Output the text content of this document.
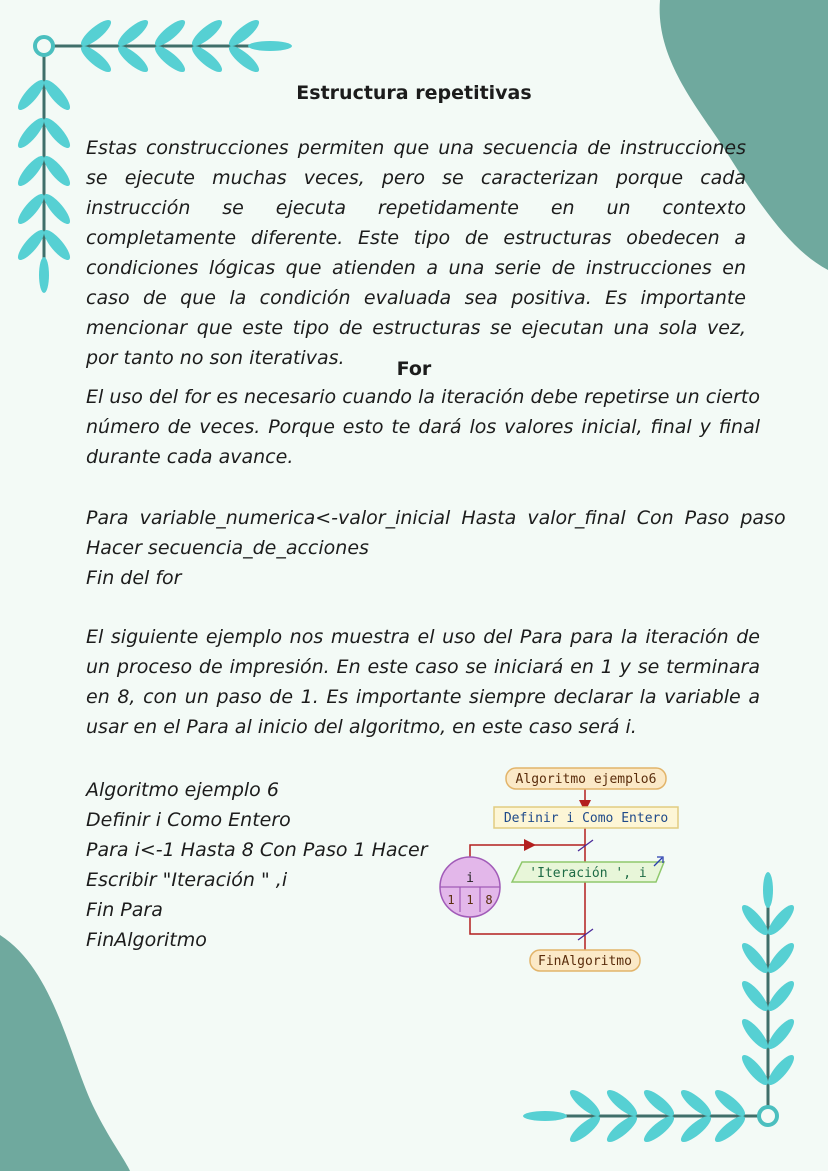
Estructura repetitivas
Estas construcciones permiten que una secuencia de instrucciones se ejecute muchas veces, pero se caracterizan porque cada instrucción se ejecuta repetidamente en un contexto completamente diferente. Este tipo de estructuras obedecen a condiciones lógicas que atienden a una serie de instrucciones en caso de que la condición evaluada sea positiva. Es importante mencionar que este tipo de estructuras se ejecutan una sola vez, por tanto no son iterativas.	For
El uso del for es necesario cuando la iteración debe repetirse un cierto número de veces. Porque esto te dará los valores inicial, final y final durante cada avance.
Para variable_numerica<-valor_inicial Hasta valor_final Con Paso paso
Hacer secuencia_de_acciones
Fin del for
El siguiente ejemplo nos muestra el uso del Para para la iteración de un proceso de impresión. En este caso se iniciará en 1 y se terminara en 8, con un paso de 1. Es importante siempre declarar la variable a usar en el Para al inicio del algoritmo, en este caso será i.
Algoritmo ejemplo 6
Definir i Como Entero
Para i<-1 Hasta 8 Con Paso 1 Hacer
Escribir "Iteración " ,i
Fin Para
FinAlgoritmo
Algoritmo ejemplo6
Definir i Como Entero
i
1 1 8
'Iteración ', i
FinAlgoritmo
